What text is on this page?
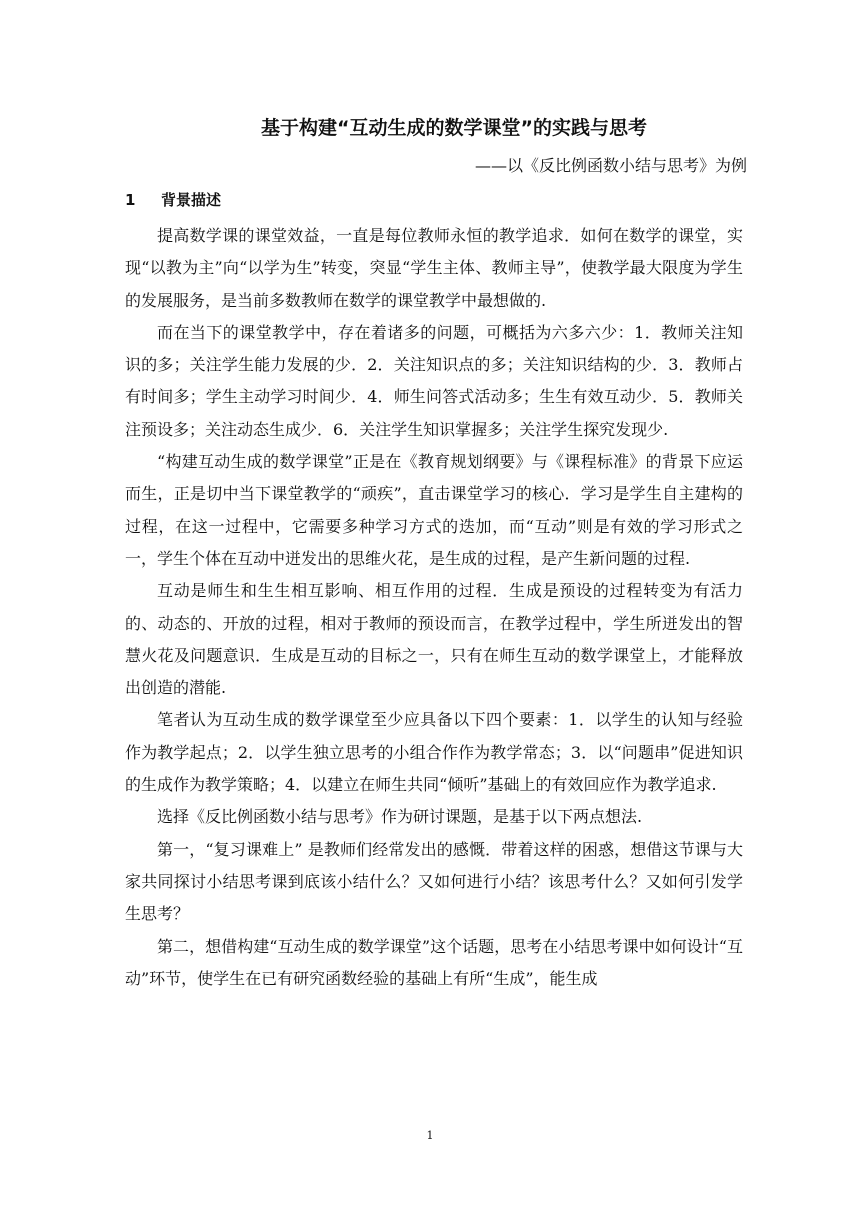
基于构建“互动生成的数学课堂”的实践与思考
——以《反比例函数小结与思考》为例
1 背景描述

提高数学课的课堂效益，一直是每位教师永恒的教学追求．如何在数学的课堂，实现“以教为主”向“以学为生”转变，突显“学生主体、教师主导”，使教学最大限度为学生的发展服务，是当前多数教师在数学的课堂教学中最想做的.

而在当下的课堂教学中，存在着诸多的问题，可概括为六多六少：1．教师关注知识的多；关注学生能力发展的少．2．关注知识点的多；关注知识结构的少．3．教师占有时间多；学生主动学习时间少．4．师生问答式活动多；生生有效互动少．5．教师关注预设多；关注动态生成少．6．关注学生知识掌握多；关注学生探究发现少.

“构建互动生成的数学课堂”正是在《教育规划纲要》与《课程标准》的背景下应运而生，正是切中当下课堂教学的“顽疾”，直击课堂学习的核心．学习是学生自主建构的过程，在这一过程中，它需要多种学习方式的迭加，而“互动”则是有效的学习形式之一，学生个体在互动中迸发出的思维火花，是生成的过程，是产生新问题的过程.

互动是师生和生生相互影响、相互作用的过程．生成是预设的过程转变为有活力的、动态的、开放的过程，相对于教师的预设而言，在教学过程中，学生所迸发出的智慧火花及问题意识．生成是互动的目标之一，只有在师生互动的数学课堂上，才能释放出创造的潜能.

笔者认为互动生成的数学课堂至少应具备以下四个要素：1．以学生的认知与经验作为教学起点；2．以学生独立思考的小组合作作为教学常态；3．以“问题串”促进知识的生成作为教学策略；4．以建立在师生共同“倾听”基础上的有效回应作为教学追求.

选择《反比例函数小结与思考》作为研讨课题，是基于以下两点想法.

第一，“复习课难上” 是教师们经常发出的感慨．带着这样的困惑，想借这节课与大家共同探讨小结思考课到底该小结什么？又如何进行小结？该思考什么？又如何引发学生思考？

第二，想借构建“互动生成的数学课堂”这个话题，思考在小结思考课中如何设计“互动”环节，使学生在已有研究函数经验的基础上有所“生成”，能生成

1
